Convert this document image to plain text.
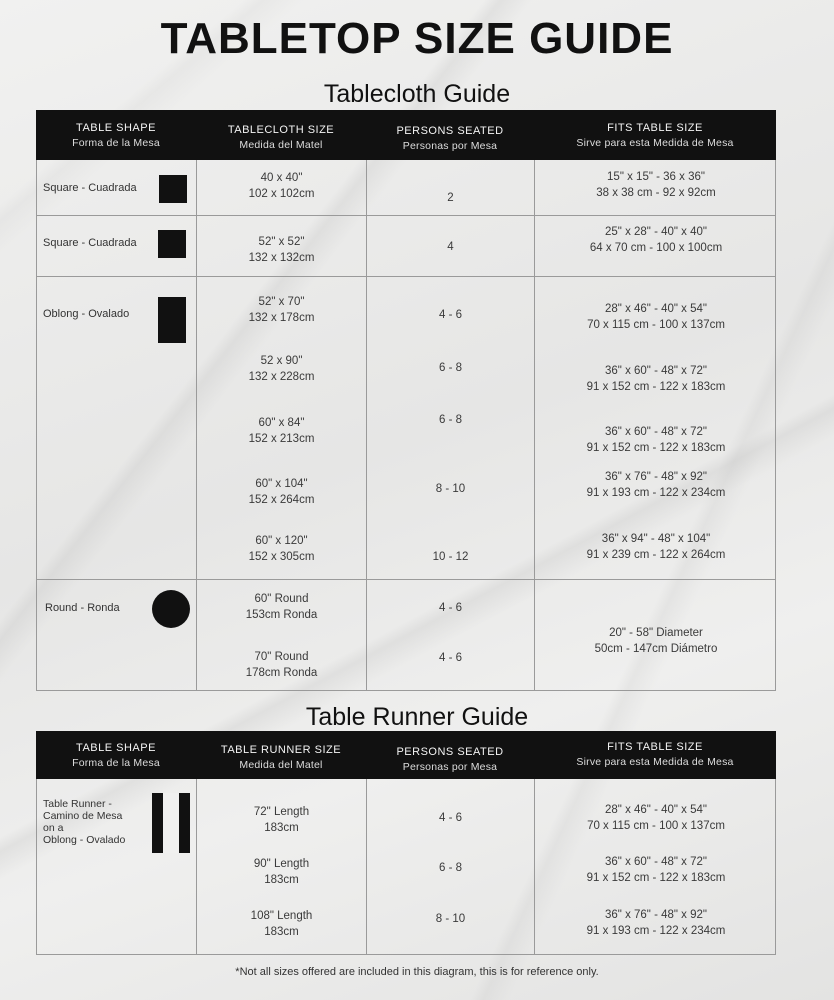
TABLETOP SIZE GUIDE
Tablecloth Guide
TABLE SHAPE
Forma de la Mesa
TABLECLOTH SIZE
Medida del Matel
PERSONS SEATED
Personas por Mesa
FITS TABLE SIZE
Sirve para esta Medida de Mesa
Square - Cuadrada
Square - Cuadrada
Oblong - Ovalado
Round - Ronda
40 x 40"
102 x 102cm
52" x 52"
132 x 132cm
52" x 70"
132 x 178cm
52 x 90"
132 x 228cm
60" x 84"
152 x 213cm
60" x 104"
152 x 264cm
60" x 120"
152 x 305cm
60" Round
153cm Ronda
70" Round
178cm Ronda
2
4
4 - 6
6 - 8
6 - 8
8 - 10
10 - 12
4 - 6
4 - 6
15" x 15" - 36 x 36"
38 x 38 cm - 92 x 92cm
25" x 28" - 40" x 40"
64 x 70 cm - 100 x 100cm
28" x 46" - 40" x 54"
70 x 115 cm - 100 x 137cm
36" x 60" - 48" x 72"
91 x 152 cm - 122 x 183cm
36" x 60" - 48" x 72"
91 x 152 cm - 122 x 183cm
36" x 76" - 48" x 92"
91 x 193 cm - 122 x 234cm
36" x 94" - 48" x 104"
91 x 239 cm - 122 x 264cm
20" - 58" Diameter
50cm - 147cm Diámetro
Table Runner Guide
TABLE SHAPE
Forma de la Mesa
TABLE RUNNER SIZE
Medida del Matel
PERSONS SEATED
Personas por Mesa
FITS TABLE SIZE
Sirve para esta Medida de Mesa
Table Runner -
Camino de Mesa
on a
Oblong - Ovalado
72" Length
183cm
90" Length
183cm
108" Length
183cm
4 - 6
6 - 8
8 - 10
28" x 46" - 40" x 54"
70 x 115 cm - 100 x 137cm
36" x 60" - 48" x 72"
91 x 152 cm - 122 x 183cm
36" x 76" - 48" x 92"
91 x 193 cm - 122 x 234cm
*Not all sizes offered are included in this diagram, this is for reference only.
